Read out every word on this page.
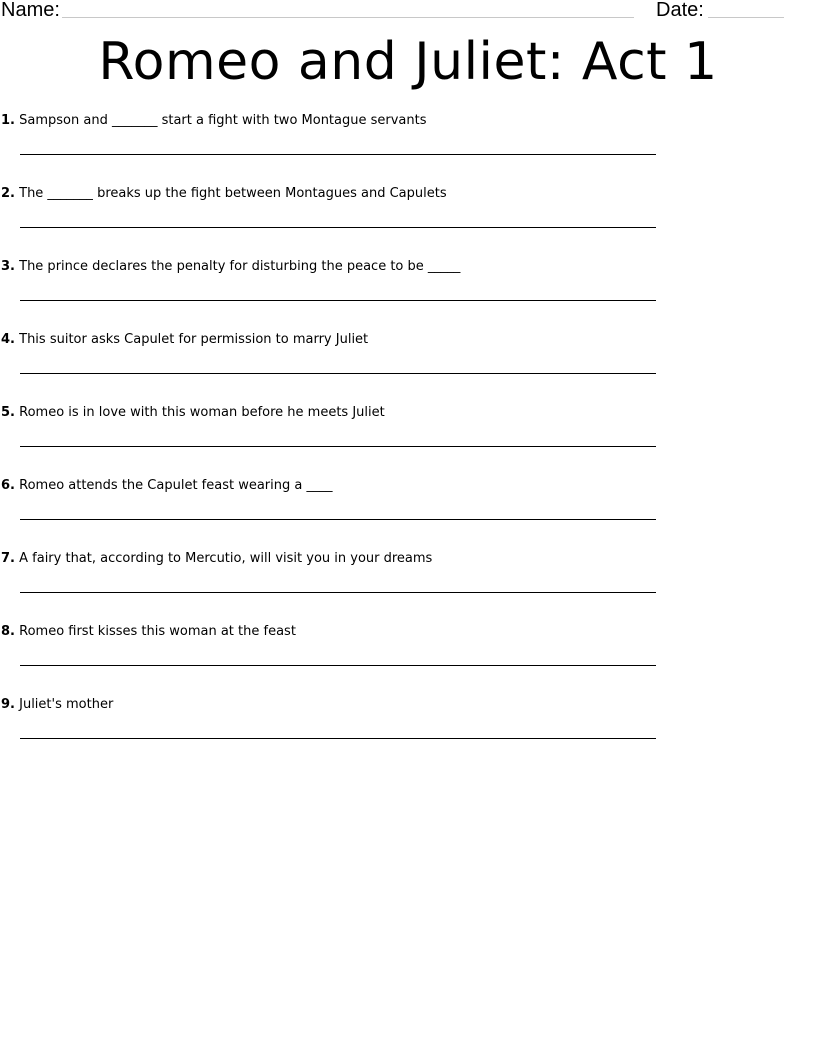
Name:	Date:
Romeo and Juliet: Act 1
1. Sampson and _______ start a fight with two Montague servants
2. The _______ breaks up the fight between Montagues and Capulets
3. The prince declares the penalty for disturbing the peace to be _____
4. This suitor asks Capulet for permission to marry Juliet
5. Romeo is in love with this woman before he meets Juliet
6. Romeo attends the Capulet feast wearing a ____
7. A fairy that, according to Mercutio, will visit you in your dreams
8. Romeo first kisses this woman at the feast
9. Juliet's mother
